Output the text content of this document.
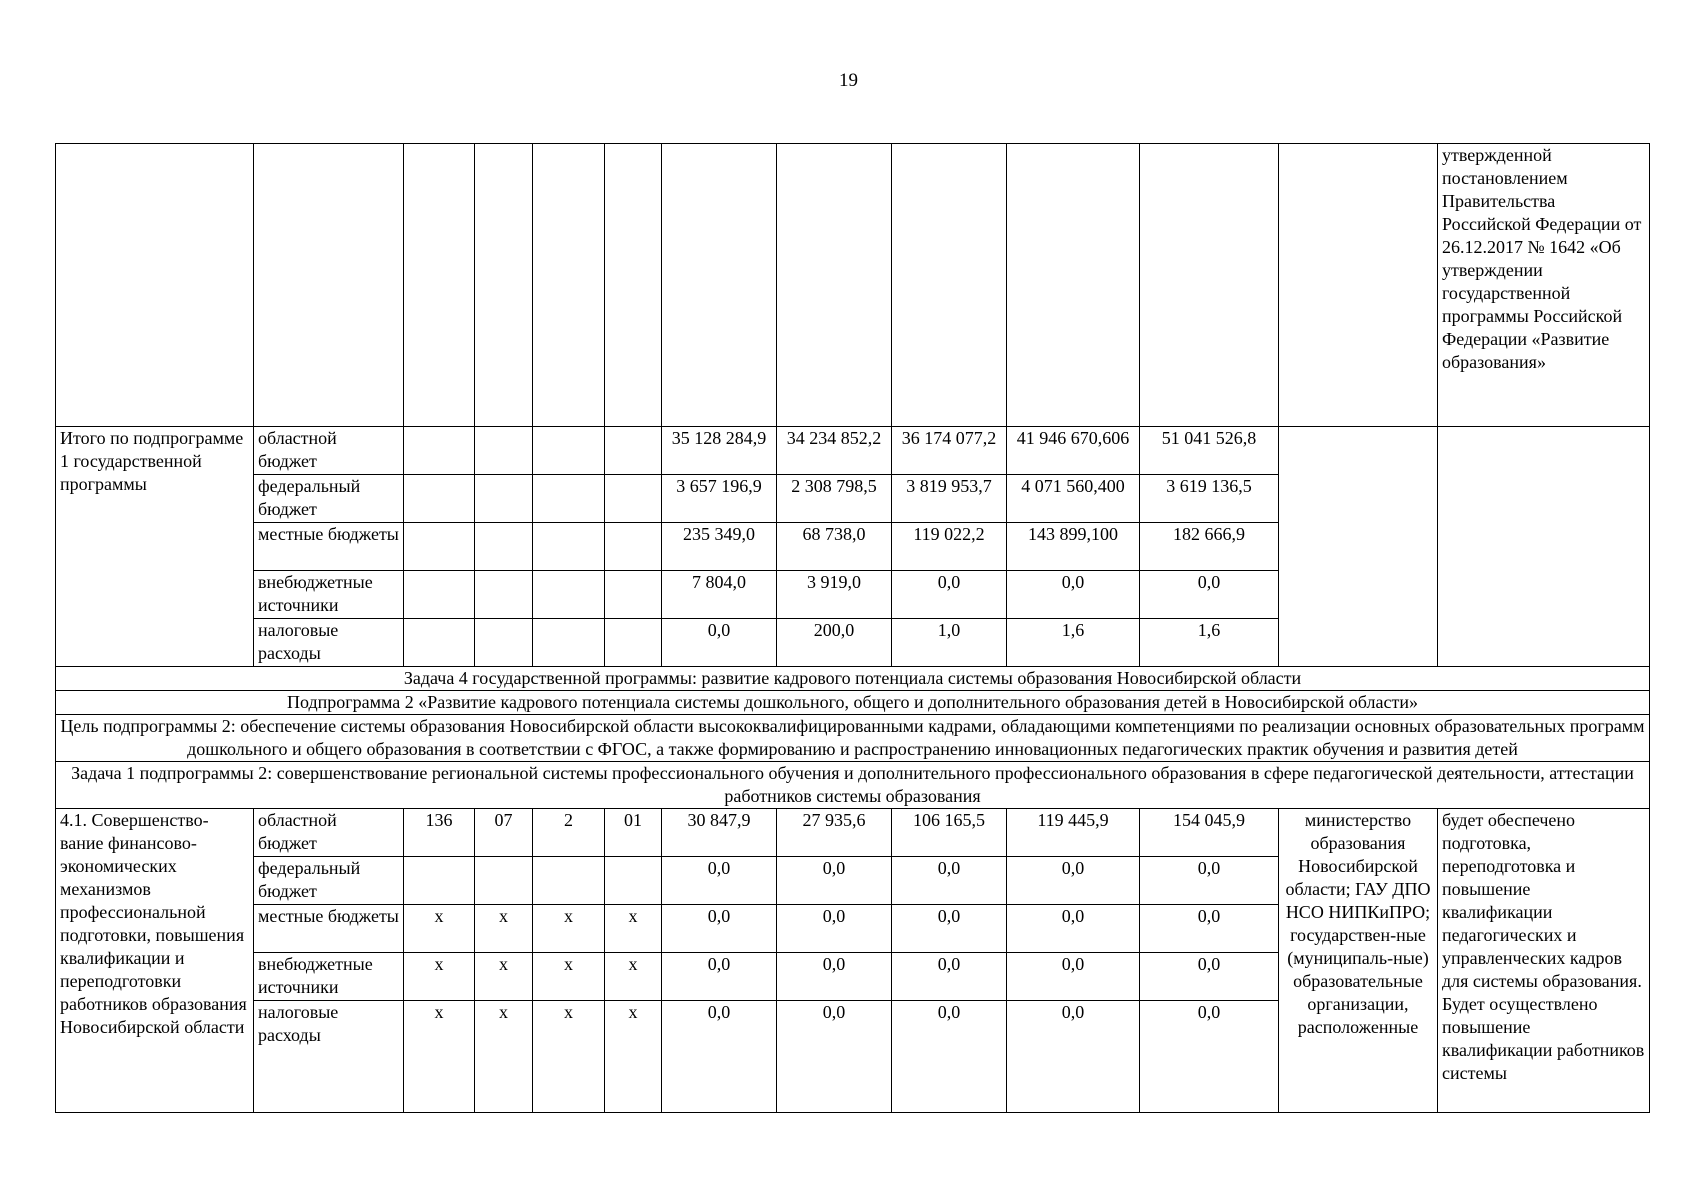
19
												утвержденной постановлением Правительства Российской Федерации от 26.12.2017 № 1642 «Об утверждении государственной программы Российской Федерации «Развитие образования»
Итого по подпрограмме 1 государственной программы	областной бюджет					35 128 284,9	34 234 852,2	36 174 077,2	41 946 670,606	51 041 526,8		
	федеральный бюджет					3 657 196,9	2 308 798,5	3 819 953,7	4 071 560,400	3 619 136,5		
	местные бюджеты					235 349,0	68 738,0	119 022,2	143 899,100	182 666,9		
	внебюджетные источники					7 804,0	3 919,0	0,0	0,0	0,0		
	налоговые расходы					0,0	200,0	1,0	1,6	1,6		
Задача 4 государственной программы: развитие кадрового потенциала системы образования Новосибирской области												
Подпрограмма 2 «Развитие кадрового потенциала системы дошкольного, общего и дополнительного образования детей в Новосибирской области»												
Цель подпрограммы 2: обеспечение системы образования Новосибирской области высококвалифицированными кадрами, обладающими компетенциями по реализации основных образовательных программ дошкольного и общего образования в соответствии с ФГОС, а также формированию и распространению инновационных педагогических практик обучения и развития детей												
Задача 1 подпрограммы 2: совершенствование региональной системы профессионального обучения и дополнительного профессионального образования в сфере педагогической деятельности, аттестации работников системы образования												
4.1. Совершенство-вание финансово-экономических механизмов профессиональной подготовки, повышения квалификации и переподготовки работников образования Новосибирской области	областной бюджет	136	07	2	01	30 847,9	27 935,6	106 165,5	119 445,9	154 045,9	министерство образования Новосибирской области; ГАУ ДПО НСО НИПКиПРО; государствен-ные (муниципаль-ные) образовательные организации, расположенные	будет обеспечено подготовка, переподготовка и повышение квалификации педагогических и управленческих кадров для системы образования. Будет осуществлено повышение квалификации работников системы
	федеральный бюджет					0,0	0,0	0,0	0,0	0,0		
	местные бюджеты	х	х	х	х	0,0	0,0	0,0	0,0	0,0		
	внебюджетные источники	х	х	х	х	0,0	0,0	0,0	0,0	0,0		
	налоговые расходы	х	х	х	х	0,0	0,0	0,0	0,0	0,0		
